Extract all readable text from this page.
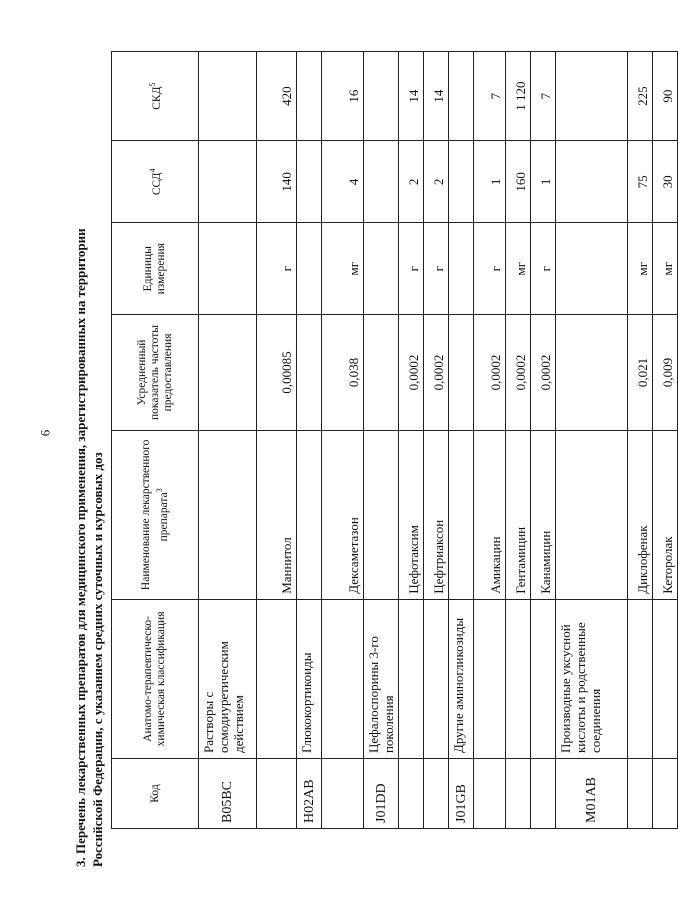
6 3. Перечень лекарственных препаратов для медицинского применения, зарегистрированных на территории Российской Федерации, с указанием средних суточных и курсовых доз	Код	Анатомо-терапевтическо-химическая классификация	Наименование лекарственного препарата$^3$	Усредненный показатель частоты предоставления	Единицы измерения	ССД$^4$	СКД$^5$
B05BC	Растворы с осмодиуретическим действием					
		Маннитол	0,00085	г	140	420
H02AB	Глюкокортикоиды					
		Дексаметазон	0,038	мг	4	16
J01DD	Цефалоспорины 3-го поколения					
		Цефотаксим	0,0002	г	2	14
		Цефтриаксон	0,0002	г	2	14
J01GB	Другие аминогликозиды					
		Амикацин	0,0002	г	1	7
		Гентамицин	0,0002	мг	160	1 120
		Канамицин	0,0002	г	1	7
M01AB	Производные уксусной кислоты и родственные соединения					
		Диклофенак	0,021	мг	75	225
		Кеторолак	0,009	мг	30	90
